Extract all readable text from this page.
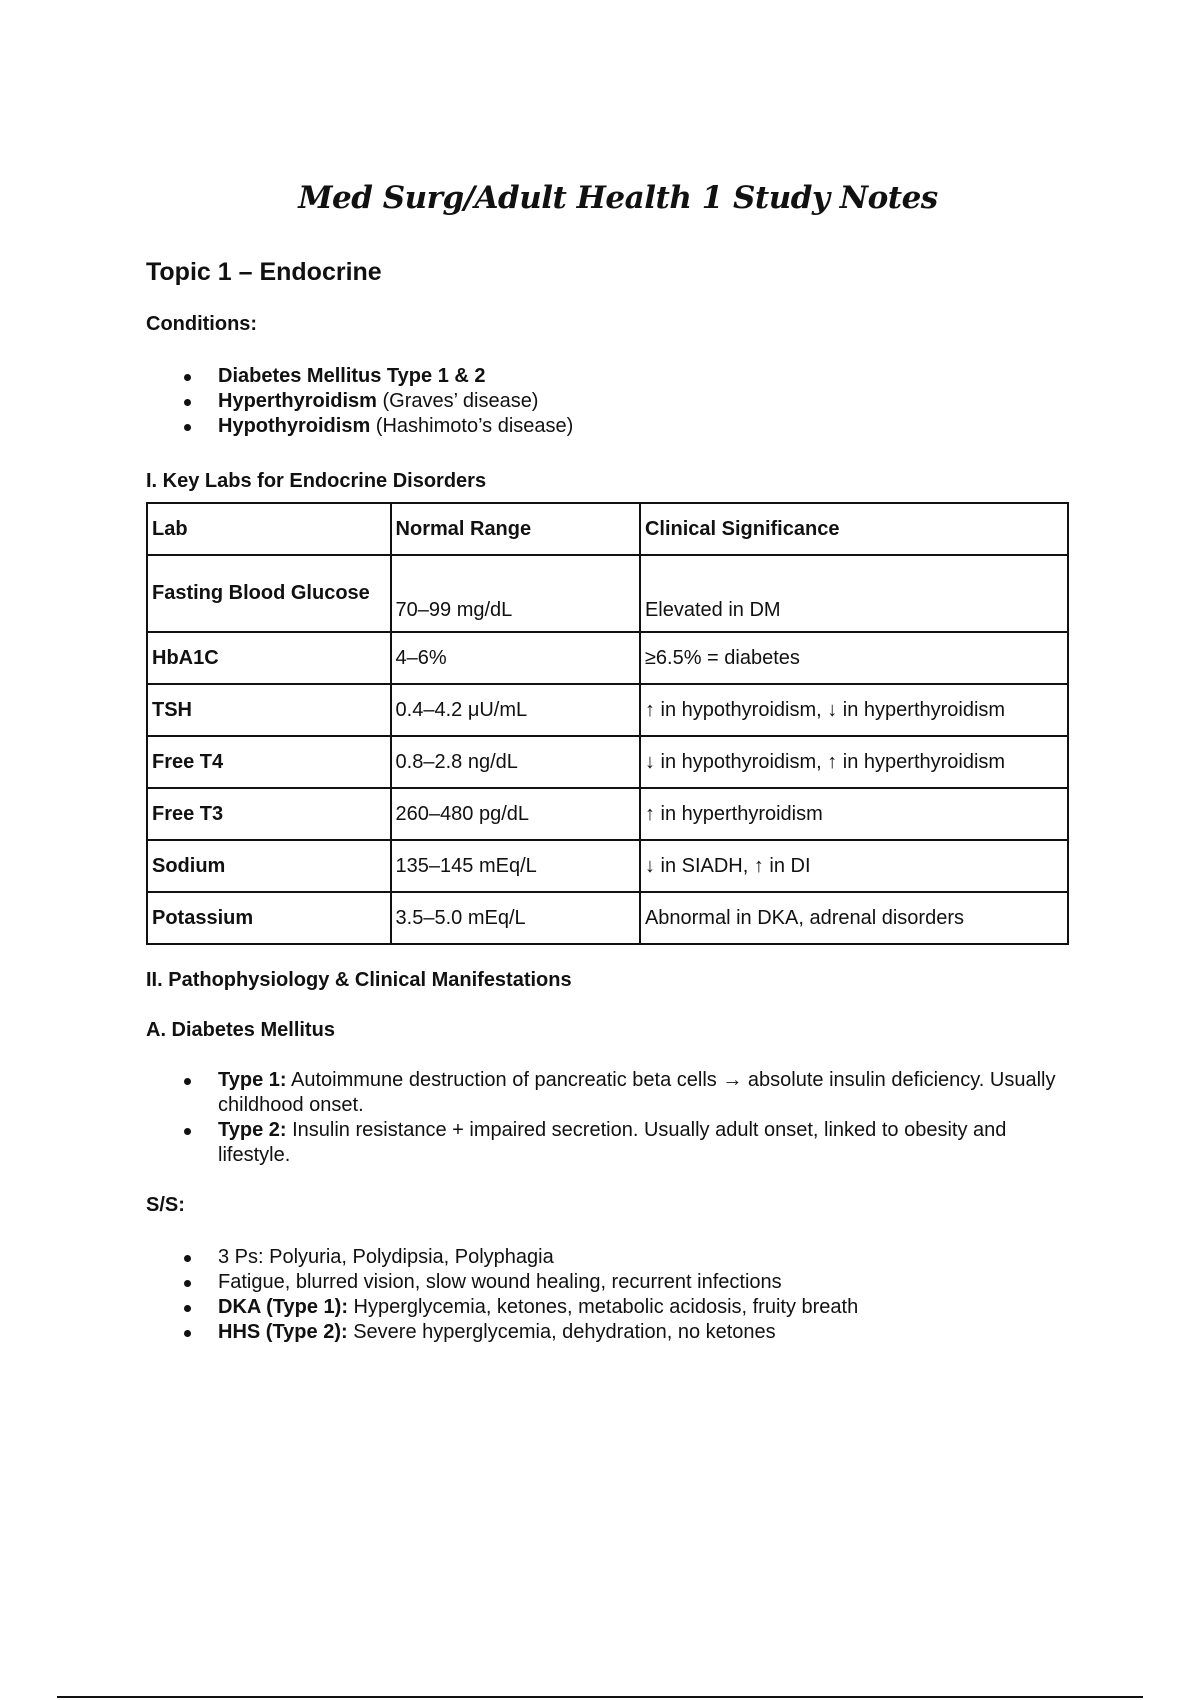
Med Surg/Adult Health 1 Study Notes
Topic 1 – Endocrine
Conditions:
Diabetes Mellitus Type 1 & 2
Hyperthyroidism (Graves’ disease)
Hypothyroidism (Hashimoto’s disease)
I. Key Labs for Endocrine Disorders
Lab	Normal Range	Clinical Significance
Fasting Blood Glucose	70–99 mg/dL	Elevated in DM
HbA1C	4–6%	≥6.5% = diabetes
TSH	0.4–4.2 μU/mL	↑ in hypothyroidism, ↓ in hyperthyroidism
Free T4	0.8–2.8 ng/dL	↓ in hypothyroidism, ↑ in hyperthyroidism
Free T3	260–480 pg/dL	↑ in hyperthyroidism
Sodium	135–145 mEq/L	↓ in SIADH, ↑ in DI
Potassium	3.5–5.0 mEq/L	Abnormal in DKA, adrenal disorders
II. Pathophysiology & Clinical Manifestations
A. Diabetes Mellitus
Type 1: Autoimmune destruction of pancreatic beta cells → absolute insulin deficiency. Usually childhood onset.
Type 2: Insulin resistance + impaired secretion. Usually adult onset, linked to obesity and lifestyle.
S/S:
3 Ps: Polyuria, Polydipsia, Polyphagia
Fatigue, blurred vision, slow wound healing, recurrent infections
DKA (Type 1): Hyperglycemia, ketones, metabolic acidosis, fruity breath
HHS (Type 2): Severe hyperglycemia, dehydration, no ketones
